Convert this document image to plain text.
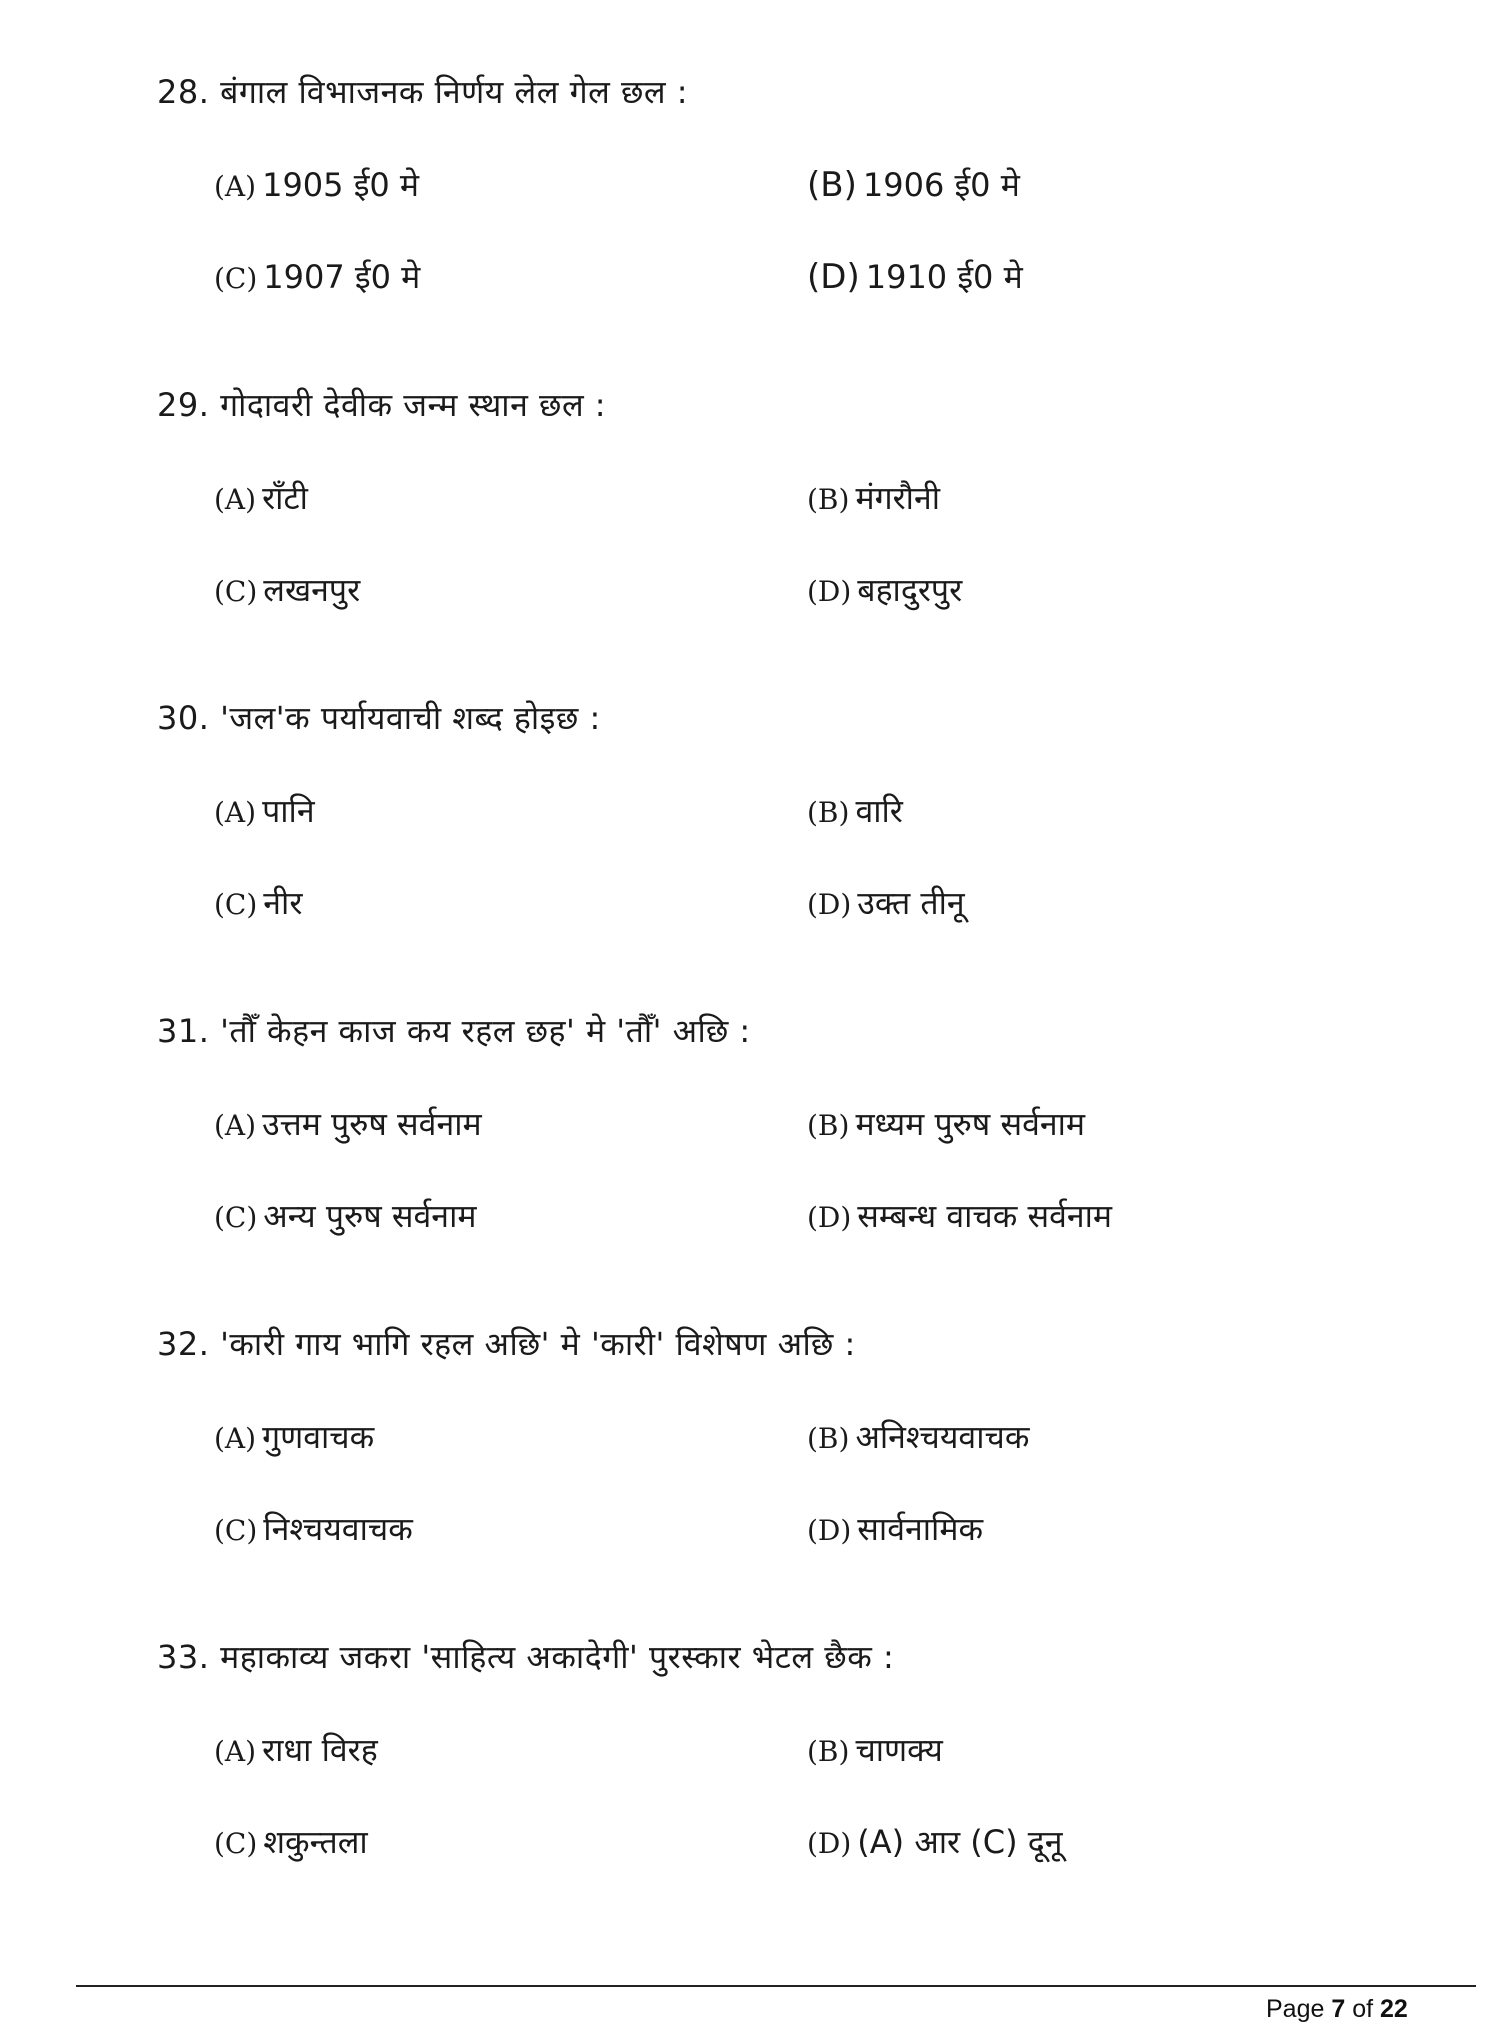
28. बंगाल विभाजनक निर्णय लेल गेल छल :
(A) 1905 ई0 मे	(B) 1906 ई0 मे
(C) 1907 ई0 मे	(D) 1910 ई0 मे
29. गोदावरी देवीक जन्म स्थान छल :
(A) राँटी	(B) मंगरौनी
(C) लखनपुर	(D) बहादुरपुर
30. 'जल'क पर्यायवाची शब्द होइछ :
(A) पानि	(B) वारि
(C) नीर	(D) उक्त तीनू
31. 'तौँ केहन काज कय रहल छह' मे 'तौँ' अछि :
(A) उत्तम पुरुष सर्वनाम	(B) मध्यम पुरुष सर्वनाम
(C) अन्य पुरुष सर्वनाम	(D) सम्बन्ध वाचक सर्वनाम
32. 'कारी गाय भागि रहल अछि' मे 'कारी' विशेषण अछि :
(A) गुणवाचक	(B) अनिश्चयवाचक
(C) निश्चयवाचक	(D) सार्वनामिक
33. महाकाव्य जकरा 'साहित्य अकादेगी' पुरस्कार भेटल छैक :
(A) राधा विरह	(B) चाणक्य
(C) शकुन्तला	(D) (A) आर (C) दूनू
Page 7 of 22
